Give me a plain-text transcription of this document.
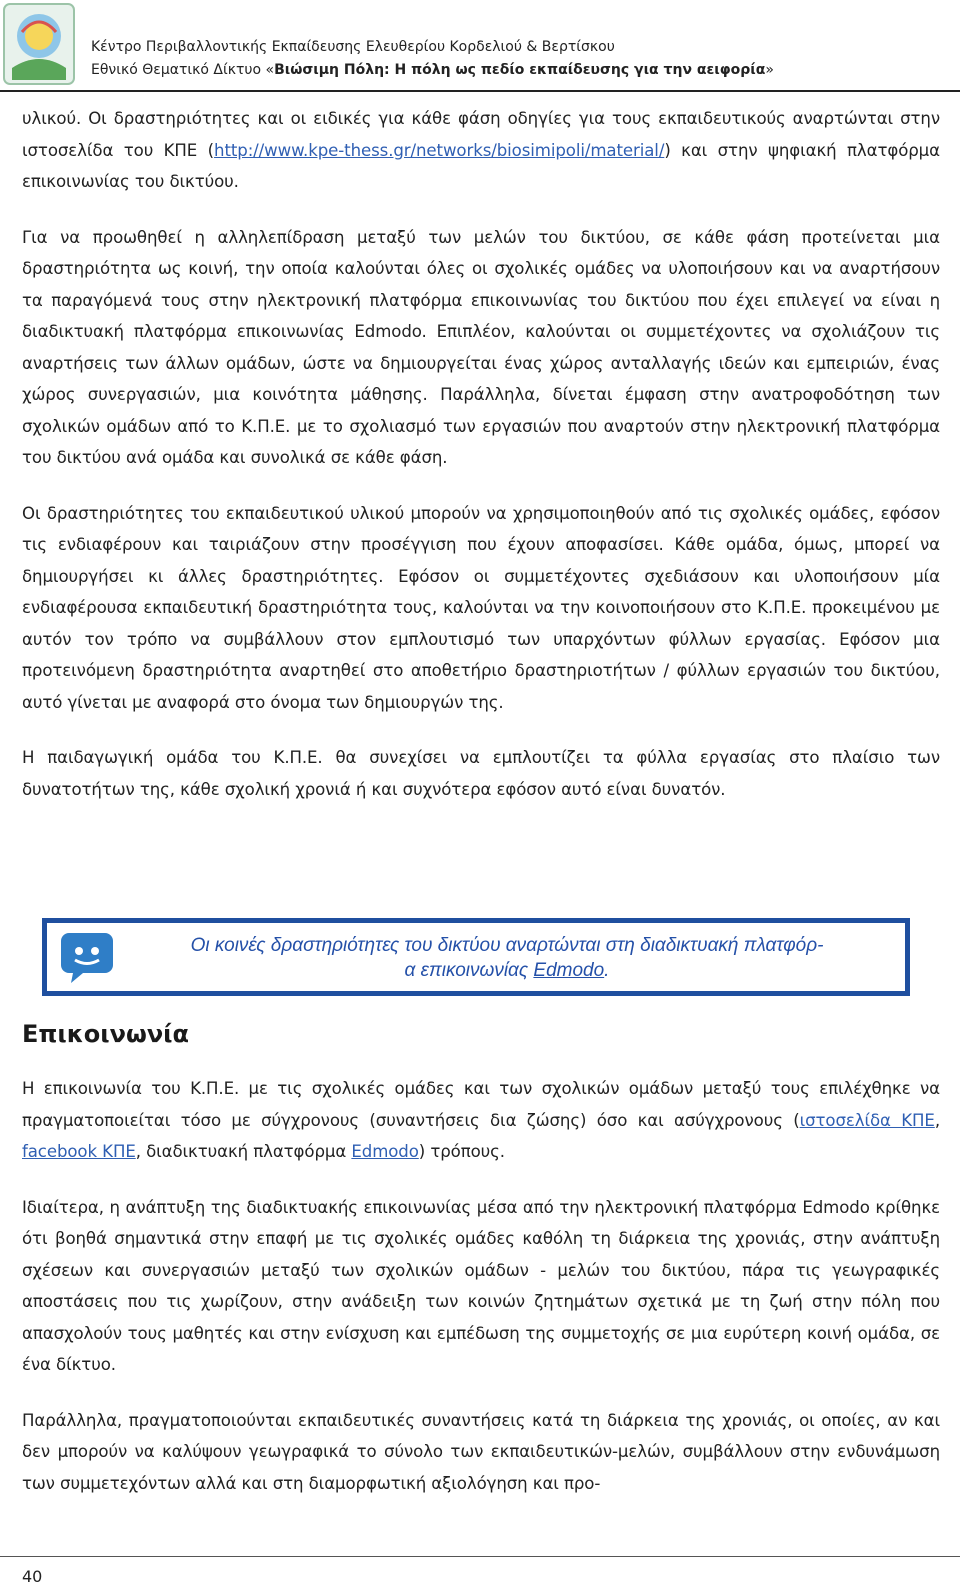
Κέντρο Περιβαλλοντικής Εκπαίδευσης Ελευθερίου Κορδελιού & Βερτίσκου
Εθνικό Θεματικό Δίκτυο «Βιώσιμη Πόλη: Η πόλη ως πεδίο εκπαίδευσης για την αειφορία»

υλικού. Οι δραστηριότητες και οι ειδικές για κάθε φάση οδηγίες για τους εκπαιδευτικούς αναρτώνται στην ιστοσελίδα του ΚΠΕ (http://www.kpe-thess.gr/networks/biosimipoli/material/) και στην ψηφιακή πλατφόρμα επικοινωνίας του δικτύου.

Για να προωθηθεί η αλληλεπίδραση μεταξύ των μελών του δικτύου, σε κάθε φάση προτείνεται μια δραστηριότητα ως κοινή, την οποία καλούνται όλες οι σχολικές ομάδες να υλοποιήσουν και να αναρτήσουν τα παραγόμενά τους στην ηλεκτρονική πλατφόρμα επικοινωνίας του δικτύου που έχει επιλεγεί να είναι η διαδικτυακή πλατφόρμα επικοινωνίας Edmodo. Επιπλέον, καλούνται οι συμμετέχοντες να σχολιάζουν τις αναρτήσεις των άλλων ομάδων, ώστε να δημιουργείται ένας χώρος ανταλλαγής ιδεών και εμπειριών, ένας χώρος συνεργασιών, μια κοινότητα μάθησης. Παράλληλα, δίνεται έμφαση στην ανατροφοδότηση των σχολικών ομάδων από το Κ.Π.Ε. με το σχολιασμό των εργασιών που αναρτούν στην ηλεκτρονική πλατφόρμα του δικτύου ανά ομάδα και συνολικά σε κάθε φάση.

Οι δραστηριότητες του εκπαιδευτικού υλικού μπορούν να χρησιμοποιηθούν από τις σχολικές ομάδες, εφόσον τις ενδιαφέρουν και ταιριάζουν στην προσέγγιση που έχουν αποφασίσει. Κάθε ομάδα, όμως, μπορεί να δημιουργήσει κι άλλες δραστηριότητες. Εφόσον οι συμμετέχοντες σχεδιάσουν και υλοποιήσουν μία ενδιαφέρουσα εκπαιδευτική δραστηριότητα τους, καλούνται να την κοινοποιήσουν στο Κ.Π.Ε. προκειμένου με αυτόν τον τρόπο να συμβάλλουν στον εμπλουτισμό των υπαρχόντων φύλλων εργασίας. Εφόσον μια προτεινόμενη δραστηριότητα αναρτηθεί στο αποθετήριο δραστηριοτήτων / φύλλων εργασιών του δικτύου, αυτό γίνεται με αναφορά στο όνομα των δημιουργών της.

Η παιδαγωγική ομάδα του Κ.Π.Ε. θα συνεχίσει να εμπλουτίζει τα φύλλα εργασίας στο πλαίσιο των δυνατοτήτων της, κάθε σχολική χρονιά ή και συχνότερα εφόσον αυτό είναι δυνατόν.

Οι κοινές δραστηριότητες του δικτύου αναρτώνται στη διαδικτυακή πλατφόρ-
α επικοινωνίας Edmodo.
Επικοινωνία

Η επικοινωνία του Κ.Π.Ε. με τις σχολικές ομάδες και των σχολικών ομάδων μεταξύ τους επιλέχθηκε να πραγματοποιείται τόσο με σύγχρονους (συναντήσεις δια ζώσης) όσο και ασύγχρονους (ιστοσελίδα ΚΠΕ, facebook ΚΠΕ, διαδικτυακή πλατφόρμα Edmodo) τρόπους.

Ιδιαίτερα, η ανάπτυξη της διαδικτυακής επικοινωνίας μέσα από την ηλεκτρονική πλατφόρμα Edmodo κρίθηκε ότι βοηθά σημαντικά στην επαφή με τις σχολικές ομάδες καθόλη τη διάρκεια της χρονιάς, στην ανάπτυξη σχέσεων και συνεργασιών μεταξύ των σχολικών ομάδων - μελών του δικτύου, πάρα τις γεωγραφικές αποστάσεις που τις χωρίζουν, στην ανάδειξη των κοινών ζητημάτων σχετικά με τη ζωή στην πόλη που απασχολούν τους μαθητές και στην ενίσχυση και εμπέδωση της συμμετοχής σε μια ευρύτερη κοινή ομάδα, σε ένα δίκτυο.

Παράλληλα, πραγματοποιούνται εκπαιδευτικές συναντήσεις κατά τη διάρκεια της χρονιάς, οι οποίες, αν και δεν μπορούν να καλύψουν γεωγραφικά το σύνολο των εκπαιδευτικών-μελών, συμβάλλουν στην ενδυνάμωση των συμμετεχόντων αλλά και στη διαμορφωτική αξιολόγηση και προ-

40
